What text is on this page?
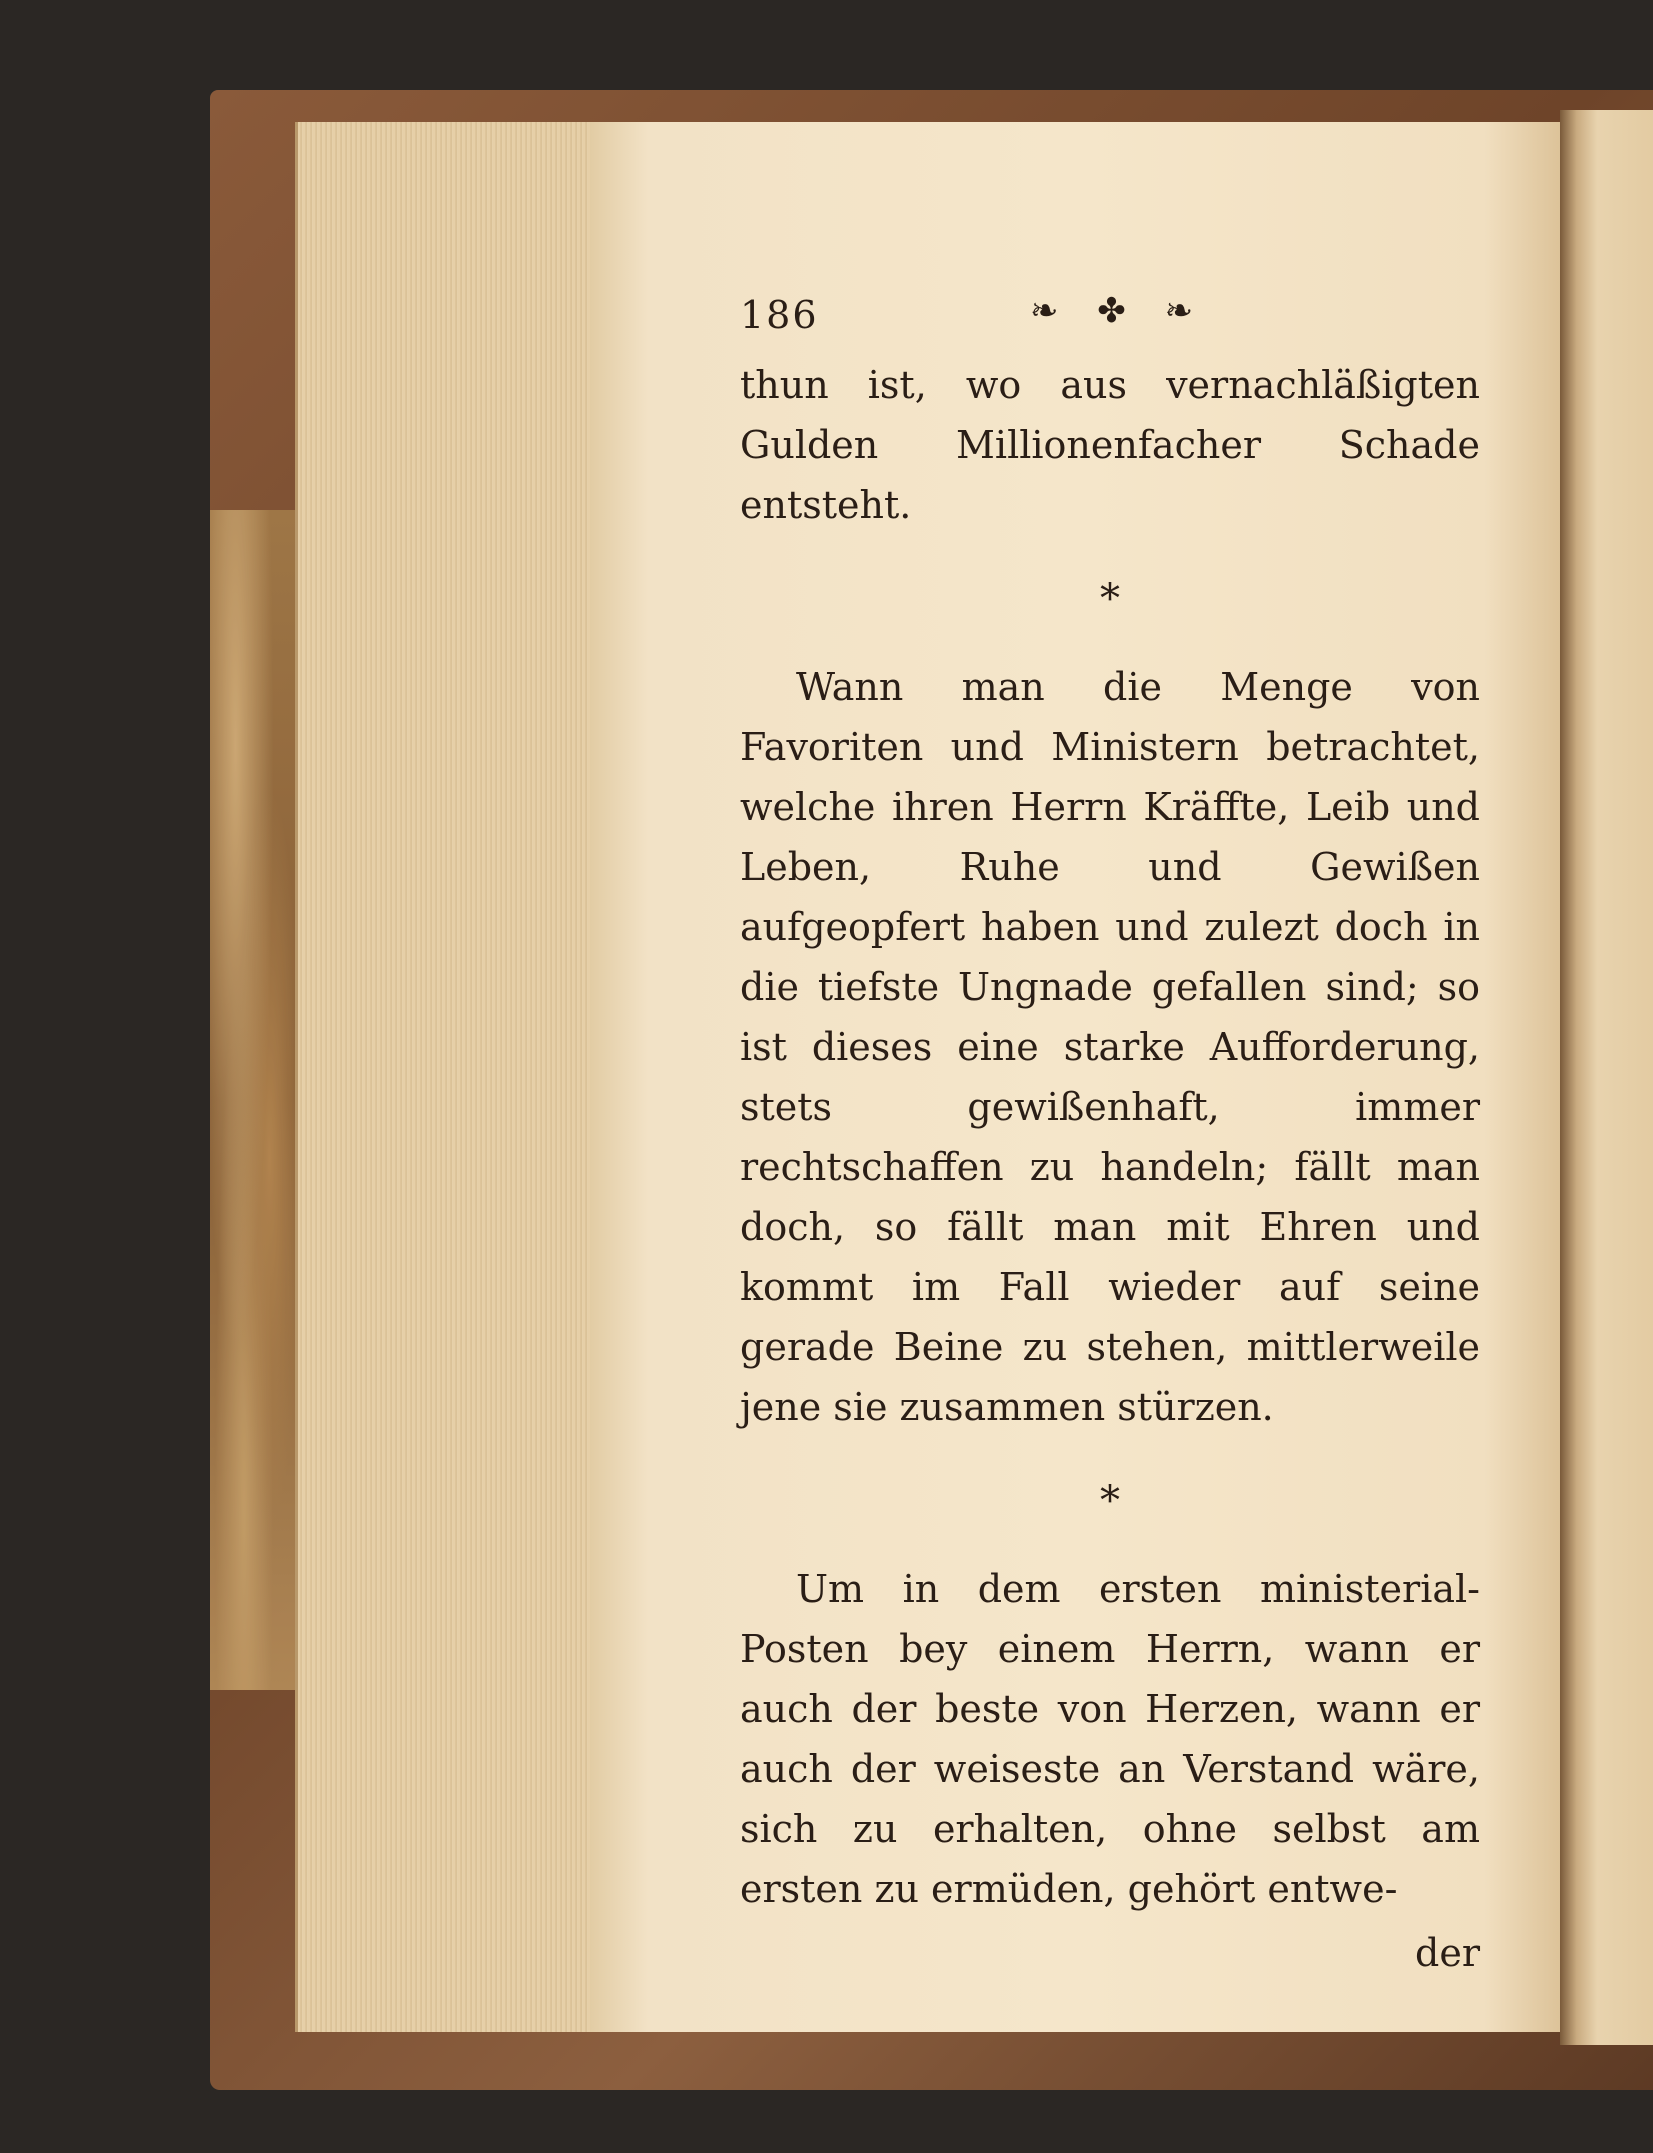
186	❧ ✤ ❧

thun ist, wo aus vernachläßigten Gulden Millionenfacher Schade entsteht.

*

Wann man die Menge von Favoriten und Ministern betrachtet, welche ihren Herrn Kräffte, Leib und Leben, Ruhe und Gewißen aufgeopfert haben und zulezt doch in die tiefste Ungnade gefallen sind; so ist dieses eine starke Aufforderung, stets gewißenhaft, immer rechtschaffen zu handeln; fällt man doch, so fällt man mit Ehren und kommt im Fall wieder auf seine gerade Beine zu stehen, mittlerweile jene sie zusammen stürzen.

*

Um in dem ersten ministerial-Posten bey einem Herrn, wann er auch der beste von Herzen, wann er auch der weiseste an Verstand wäre, sich zu erhalten, ohne selbst am ersten zu ermüden, gehört entwe-

der
